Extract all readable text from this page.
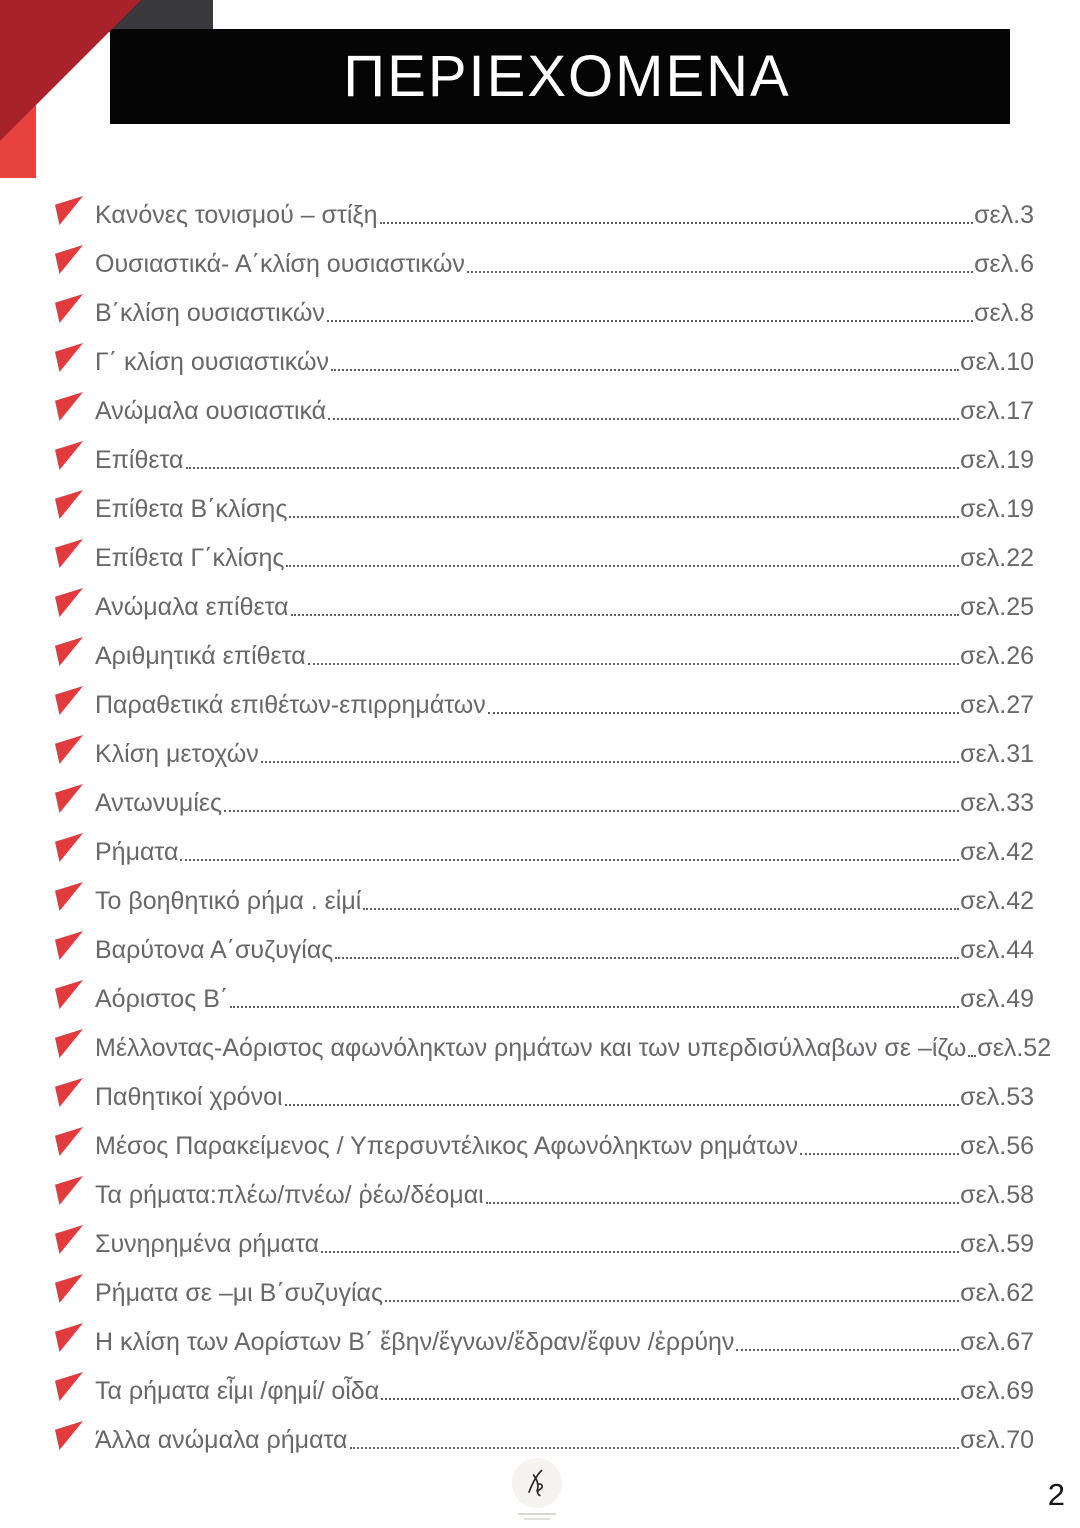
ΠΕΡΙΕΧΟΜΕΝΑ
Κανόνες τονισμού – στίξη	σελ.3
Ουσιαστικά- Α΄κλίση ουσιαστικών	σελ.6
Β΄κλίση ουσιαστικών	σελ.8
Γ΄ κλίση ουσιαστικών	σελ.10
Ανώμαλα ουσιαστικά	σελ.17
Επίθετα	σελ.19
Επίθετα Β΄κλίσης	σελ.19
Επίθετα Γ΄κλίσης	σελ.22
Ανώμαλα επίθετα	σελ.25
Αριθμητικά επίθετα	σελ.26
Παραθετικά επιθέτων-επιρρημάτων	σελ.27
Κλίση μετοχών	σελ.31
Αντωνυμίες	σελ.33
Ρήματα	σελ.42
Το βοηθητικό ρήμα . εἰμί	σελ.42
Βαρύτονα Α΄συζυγίας	σελ.44
Αόριστος Β΄	σελ.49
Μέλλοντας-Αόριστος αφωνόληκτων ρημάτων και των υπερδισύλλαβων σε –ίζω σελ.52
Παθητικοί χρόνοι	σελ.53
Μέσος Παρακείμενος / Υπερσυντέλικος Αφωνόληκτων ρημάτων	σελ.56
Τα ρήματα:πλέω/πνέω/ ῥέω/δέομαι	σελ.58
Συνηρημένα ρήματα	σελ.59
Ρήματα σε –μι Β΄συζυγίας	σελ.62
Η κλίση των Αορίστων Β΄ ἔβην/ἔγνων/ἔδραν/ἔφυν /ἐρρύην	σελ.67
Τα ρήματα εἶμι /φημί/ οἶδα	σελ.69
Άλλα ανώμαλα ρήματα	σελ.70
2
